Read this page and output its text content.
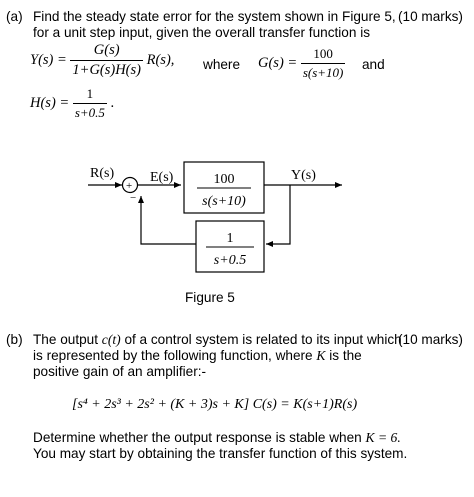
(a) Find the steady state error for the system shown in Figure 5, (10 marks)
for a unit step input, given the overall transfer function is
$Y(s) = \frac{G(s)}{1+G(s)H(s)} R(s)$, where $G(s) = \frac{100}{s(s+10)}$ and
$H(s) = \frac{1}{s+0.5}$ .
+
−
100
s(s+10)
1
s+0.5
R(s)	E(s)	Y(s)
Figure 5
(b) The output c(t) of a control system is related to its input which
(10 marks)
is represented by the following function, where K is the
positive gain of an amplifier:-
[s⁴ + 2s³ + 2s² + (K + 3)s + K] C(s) = K(s+1)R(s)
Determine whether the output response is stable when K = 6.
You may start by obtaining the transfer function of this system.
